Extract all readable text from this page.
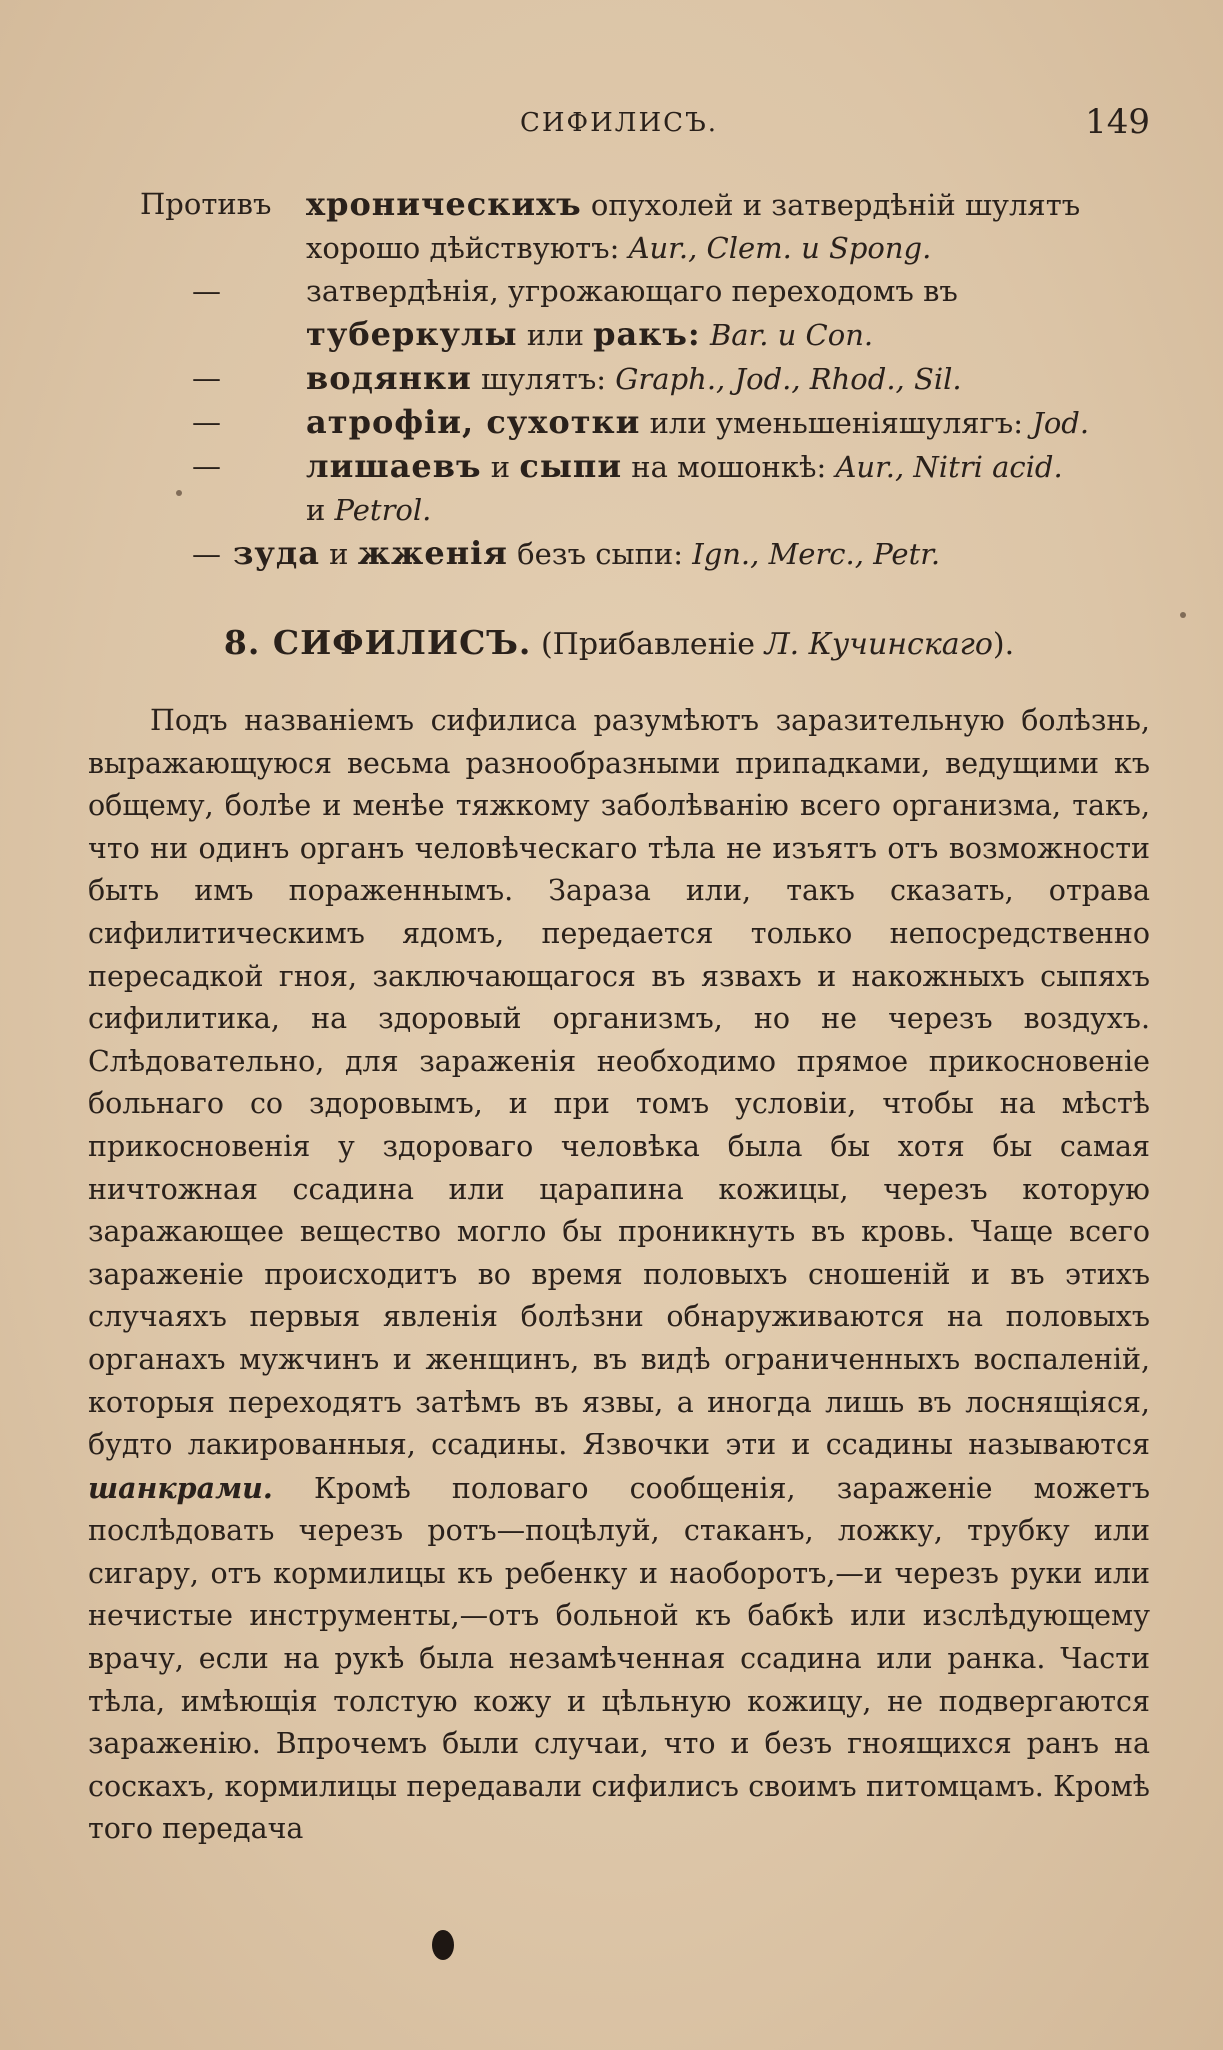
СИФИЛИСЪ.	149
Противъ хроническихъ опухолей и затвердѣній шулятъ хорошо дѣйствуютъ: Aur., Clem. и Spong.
—	затвердѣнія, угрожающаго переходомъ въ туберкулы или ракъ: Bar. и Con.
—	водянки шулятъ: Graph., Jod., Rhod., Sil.
—	атрофіи, сухотки или уменьшеніяшулягъ: Jod.
—	лишаевъ и сыпи на мошонкѣ: Aur., Nitri acid.
и Petrol.
— зуда и жженія безъ сыпи: Ign., Merc., Petr.
8. СИФИЛИСЪ. (Прибавленіе Л. Кучинскаго).

Подъ названіемъ сифилиса разумѣютъ заразительную болѣзнь, выражающуюся весьма разнообразными припадками, ведущими къ общему, болѣе и менѣе тяжкому заболѣванію всего организма, такъ, что ни одинъ органъ человѣческаго тѣла не изъятъ отъ возможности быть имъ пораженнымъ. Зараза или, такъ сказать, отрава сифилитическимъ ядомъ, передается только непосредственно пересадкой гноя, заключающагося въ язвахъ и накожныхъ сыпяхъ сифилитика, на здоровый организмъ, но не черезъ воздухъ. Слѣдовательно, для зараженія необходимо прямое прикосновеніе больнаго со здоровымъ, и при томъ условіи, чтобы на мѣстѣ прикосновенія у здороваго человѣка была бы хотя бы самая ничтожная ссадина или царапина кожицы, черезъ которую заражающее вещество могло бы проникнуть въ кровь. Чаще всего зараженіе происходитъ во время половыхъ сношеній и въ этихъ случаяхъ первыя явленія болѣзни обнаруживаются на половыхъ органахъ мужчинъ и женщинъ, въ видѣ ограниченныхъ воспаленій, которыя переходятъ затѣмъ въ язвы, а иногда лишь въ лоснящіяся, будто лакированныя, ссадины. Язвочки эти и ссадины называются шанкрами. Кромѣ половаго сообщенія, зараженіе можетъ послѣдовать черезъ ротъ—поцѣлуй, стаканъ, ложку, трубку или сигару, отъ кормилицы къ ребенку и наоборотъ,—и черезъ руки или нечистые инструменты,—отъ больной къ бабкѣ или изслѣдующему врачу, если на рукѣ была незамѣченная ссадина или ранка. Части тѣла, имѣющія толстую кожу и цѣльную кожицу, не подвергаются зараженію. Впрочемъ были случаи, что и безъ гноящихся ранъ на соскахъ, кормилицы передавали сифилисъ своимъ питомцамъ. Кромѣ того передача
